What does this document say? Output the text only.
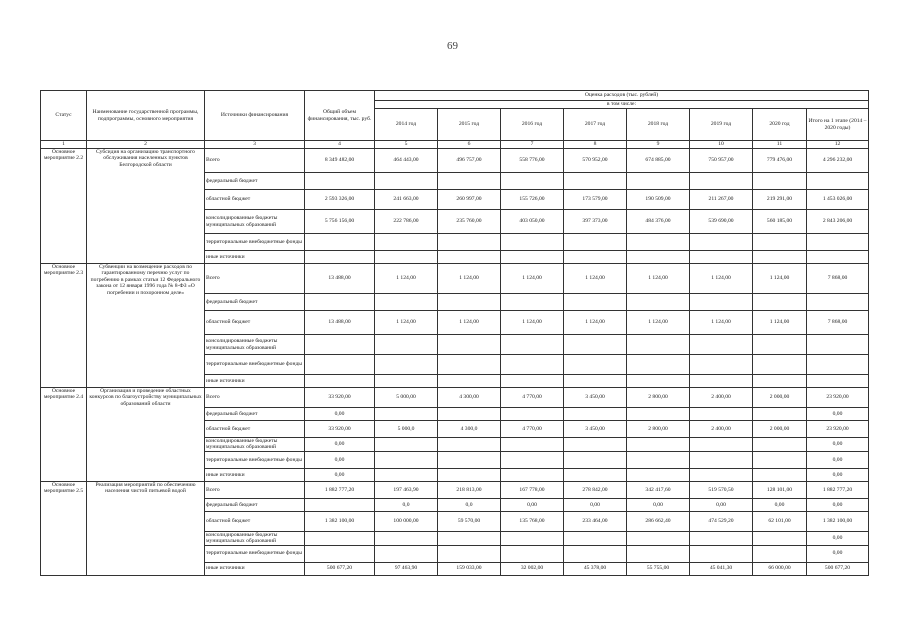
69
Статус	Наименование государственной программы, подпрограммы, основного мероприятия	Источники финансирования	Общий объем финансирования, тыс. руб.	Оценка расходов (тыс. рублей)							
				в том числе:							
				2014 год	2015 год	2016 год	2017 год	2018 год	2019 год	2020 год	Итого на 1 этапе (2014 – 2020 годы)
1	2	3	4	5	6	7	8	9	10	11	12
Основное мероприятие 2.2	Субсидия на организацию транспортного обслуживания населенных пунктов Белгородской области	Всего	8 349 482,00	464 443,00	496 757,00	558 776,00	570 952,00	674 885,00	750 957,00	779 476,00	4 296 232,00
		федеральный бюджет									
		областной бюджет	2 593 326,00	241 663,00	260 997,00	155 726,00	173 579,00	190 509,00	211 267,00	219 291,00	1 453 026,00
		консолидированные бюджеты муниципальных образований	5 756 156,00	222 786,00	235 760,00	403 050,00	397 373,00	484 376,00	539 690,00	560 185,00	2 843 206,00
		территориальные внебюджетные фонды									
		иные источники									
Основное мероприятие 2.3	Субвенции на возмещение расходов по гарантированному перечню услуг по погребению в рамках статьи 12 Федерального закона от 12 января 1996 года № 8-ФЗ «О погребении и похоронном деле»	Всего	13 488,00	1 124,00	1 124,00	1 124,00	1 124,00	1 124,00	1 124,00	1 124,00	7 868,00
		федеральный бюджет									
		областной бюджет	13 488,00	1 124,00	1 124,00	1 124,00	1 124,00	1 124,00	1 124,00	1 124,00	7 868,00
		консолидированные бюджеты муниципальных образований									
		территориальные внебюджетные фонды									
		иные источники									
Основное мероприятие 2.4	Организация и проведение областных конкурсов по благоустройству муниципальных образований области	Всего	33 920,00	5 000,00	4 300,00	4 770,00	3 450,00	2 800,00	2 400,00	2 000,00	23 920,00
		федеральный бюджет	0,00								0,00
		областной бюджет	33 920,00	5 000,0	4 300,0	4 770,00	3 450,00	2 800,00	2 400,00	2 000,00	23 920,00
		консолидированные бюджеты муниципальных образований	0,00								0,00
		территориальные внебюджетные фонды	0,00								0,00
		иные источники	0,00								0,00
Основное мероприятие 2.5	Реализация мероприятий по обеспечению населения чистой питьевой водой	Всего	1 882 777,20	197 463,90	218 813,00	167 778,00	278 842,00	342 417,60	519 570,50	128 101,00	1 882 777,20
		федеральный бюджет		0,0	0,0	0,00	0,00	0,00	0,00	0,00	0,00
		областной бюджет	1 382 100,00	100 000,00	59 570,00	135 768,00	233 464,00	286 662,40	474 529,20	62 101,00	1 382 100,00
		консолидированные бюджеты муниципальных образований									0,00
		территориальные внебюджетные фонды									0,00
		иные источники	500 677,20	97 463,90	159 033,00	32 002,00	45 378,00	55 755,00	45 041,30	66 000,00	500 677,20
